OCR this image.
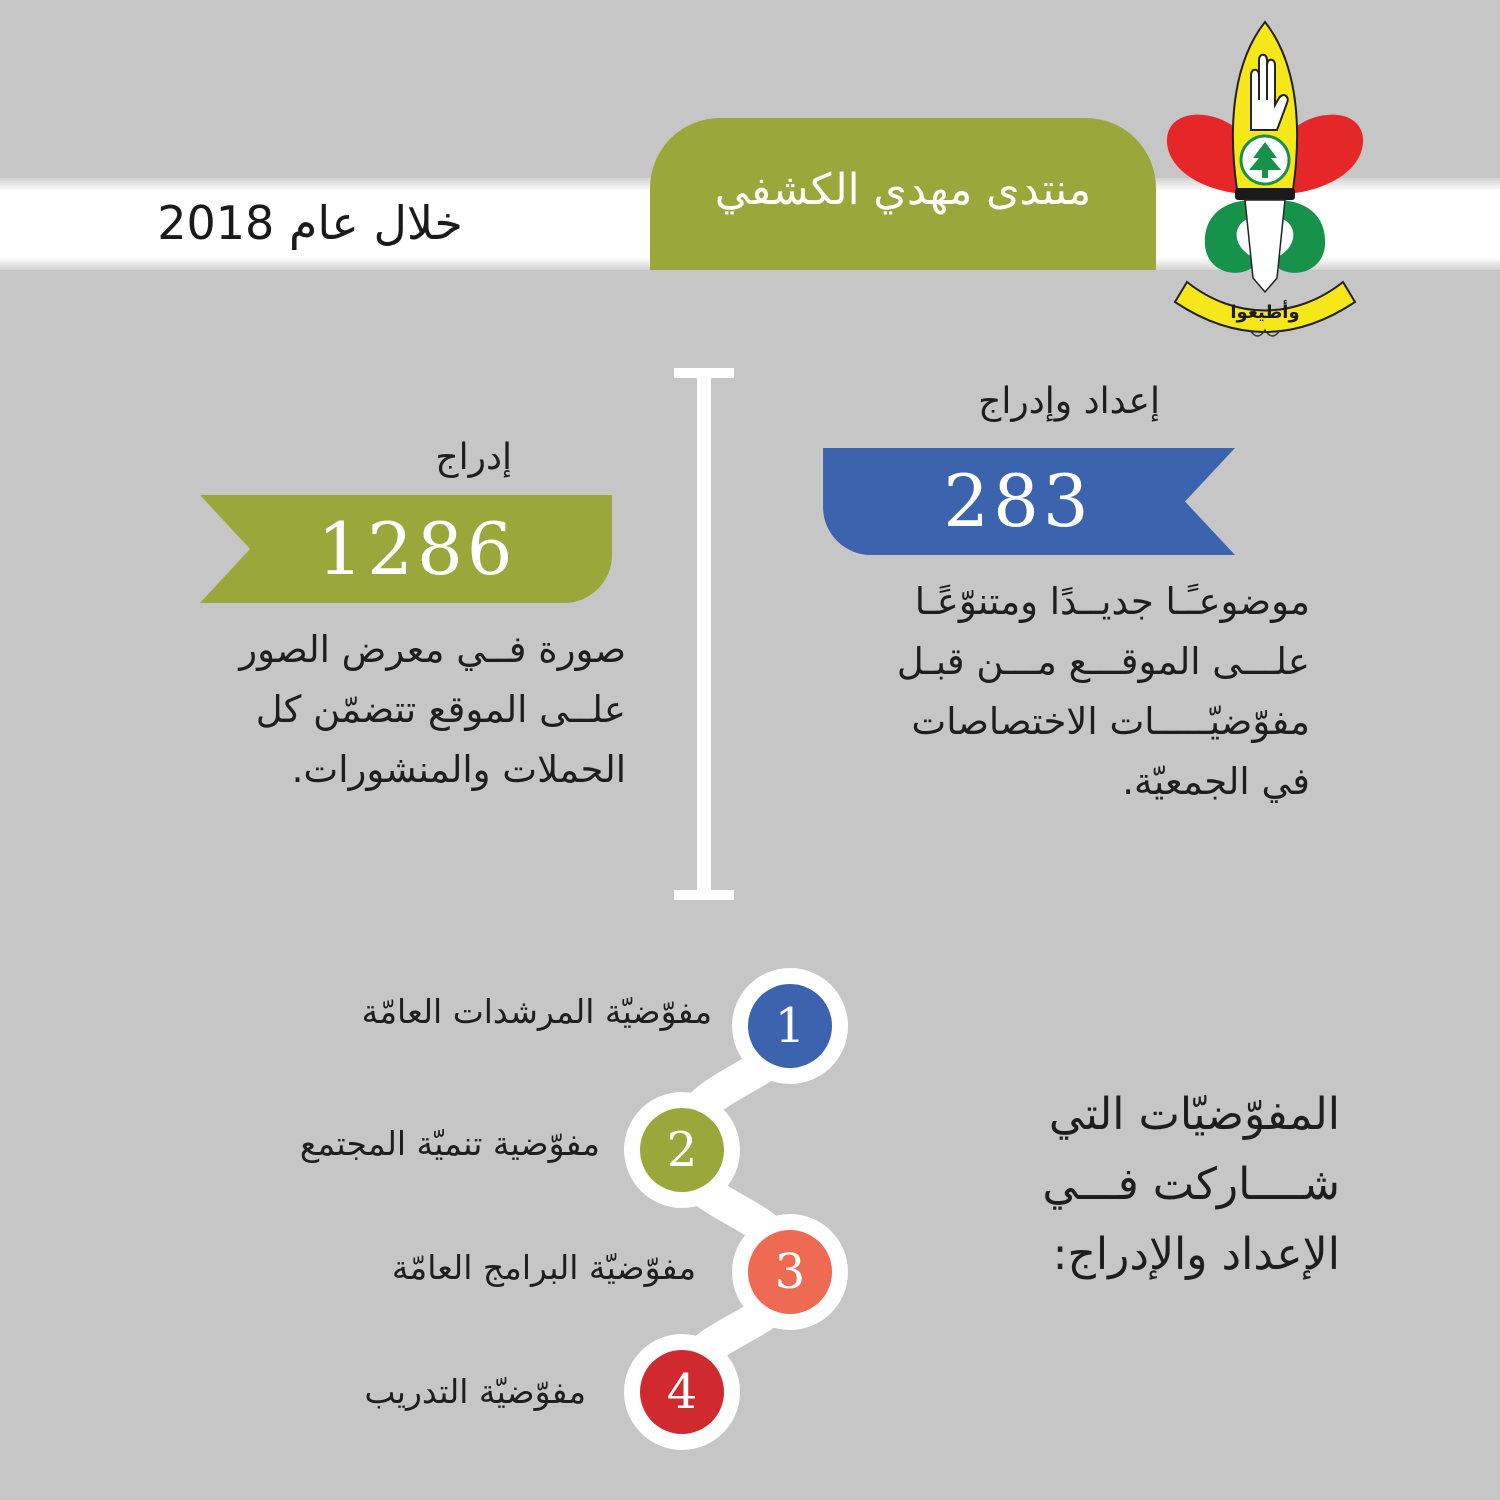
خلال عام 2018
منتدى مهدي الكشفي
وأطيعوا
إعداد وإدراج
283
موضوعـًـا جديــدًا ومتنوّعًـا
علـــى الموقـــع مـــن قبـل
مفوّضيّـــــات الاختصاصات
في الجمعيّة.
إدراج
1286
صورة فــي معرض الصور
علــى الموقع تتضمّن كل
الحملات والمنشورات.
1
2
3
4
مفوّضيّة المرشدات العامّة
مفوّضية تنميّة المجتمع
مفوّضيّة البرامج العامّة
مفوّضيّة التدريب
المفوّضيّات التي
شــــاركت فـــي
الإعداد والإدراج:
